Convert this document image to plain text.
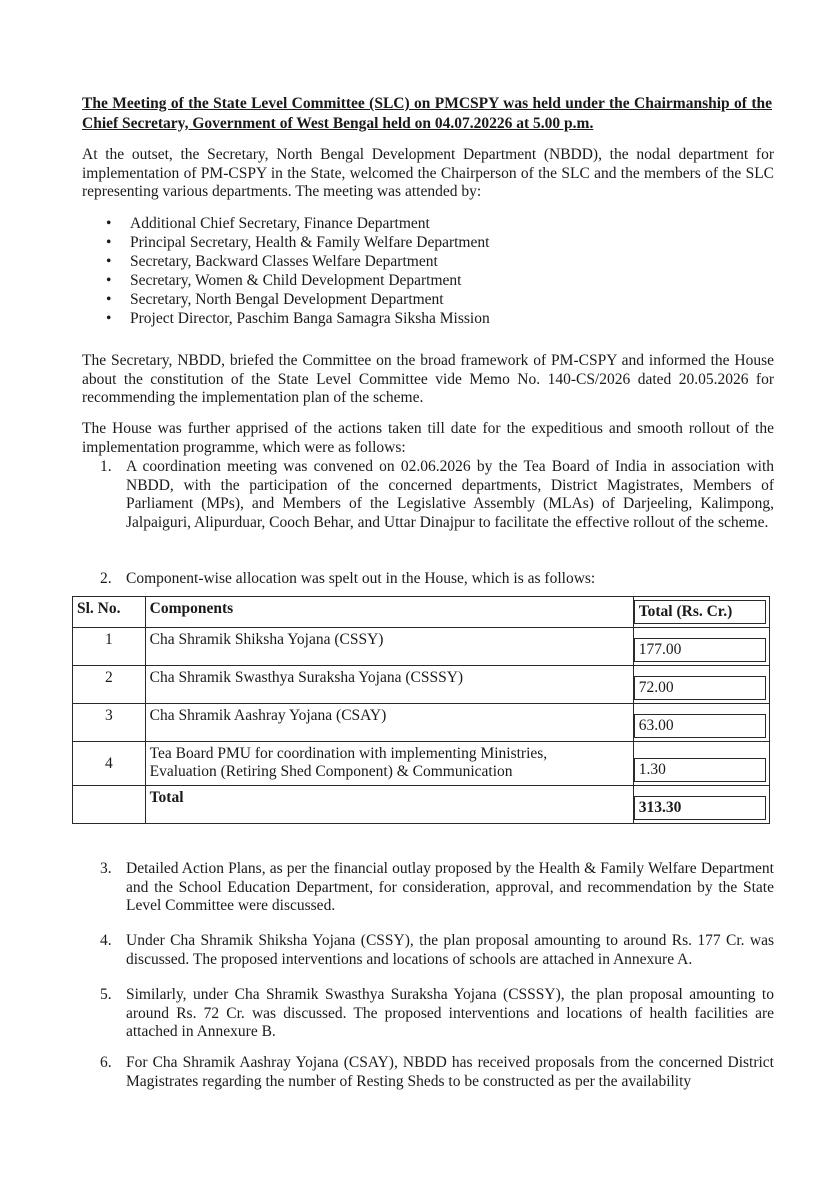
The Meeting of the State Level Committee (SLC) on PMCSPY was held under the Chairmanship of the Chief Secretary, Government of West Bengal held on 04.07.20226 at 5.00 p.m.
At the outset, the Secretary, North Bengal Development Department (NBDD), the nodal department for implementation of PM-CSPY in the State, welcomed the Chairperson of the SLC and the members of the SLC representing various departments. The meeting was attended by:
• Additional Chief Secretary, Finance Department
• Principal Secretary, Health & Family Welfare Department
• Secretary, Backward Classes Welfare Department
• Secretary, Women & Child Development Department
• Secretary, North Bengal Development Department
• Project Director, Paschim Banga Samagra Siksha Mission
The Secretary, NBDD, briefed the Committee on the broad framework of PM-CSPY and informed the House about the constitution of the State Level Committee vide Memo No. 140-CS/2026 dated 20.05.2026 for recommending the implementation plan of the scheme.
The House was further apprised of the actions taken till date for the expeditious and smooth rollout of the implementation programme, which were as follows:
1. A coordination meeting was convened on 02.06.2026 by the Tea Board of India in association with NBDD, with the participation of the concerned departments, District Magistrates, Members of Parliament (MPs), and Members of the Legislative Assembly (MLAs) of Darjeeling, Kalimpong, Jalpaiguri, Alipurduar, Cooch Behar, and Uttar Dinajpur to facilitate the effective rollout of the scheme.
2. Component-wise allocation was spelt out in the House, which is as follows:
Sl. No.	Components	Total (Rs. Cr.)

1	Cha Shramik Shiksha Yojana (CSSY)	177.00

2	Cha Shramik Swasthya Suraksha Yojana (CSSSY)	72.00

3	Cha Shramik Aashray Yojana (CSAY)	63.00

4	Tea Board PMU for coordination with implementing Ministries, Evaluation (Retiring Shed Component) & Communication	1.30

	Total	313.30
3. Detailed Action Plans, as per the financial outlay proposed by the Health & Family Welfare Department and the School Education Department, for consideration, approval, and recommendation by the State Level Committee were discussed.
4. Under Cha Shramik Shiksha Yojana (CSSY), the plan proposal amounting to around Rs. 177 Cr. was discussed. The proposed interventions and locations of schools are attached in Annexure A.
5. Similarly, under Cha Shramik Swasthya Suraksha Yojana (CSSSY), the plan proposal amounting to around Rs. 72 Cr. was discussed. The proposed interventions and locations of health facilities are attached in Annexure B.
6. For Cha Shramik Aashray Yojana (CSAY), NBDD has received proposals from the concerned District Magistrates regarding the number of Resting Sheds to be constructed as per the availability
